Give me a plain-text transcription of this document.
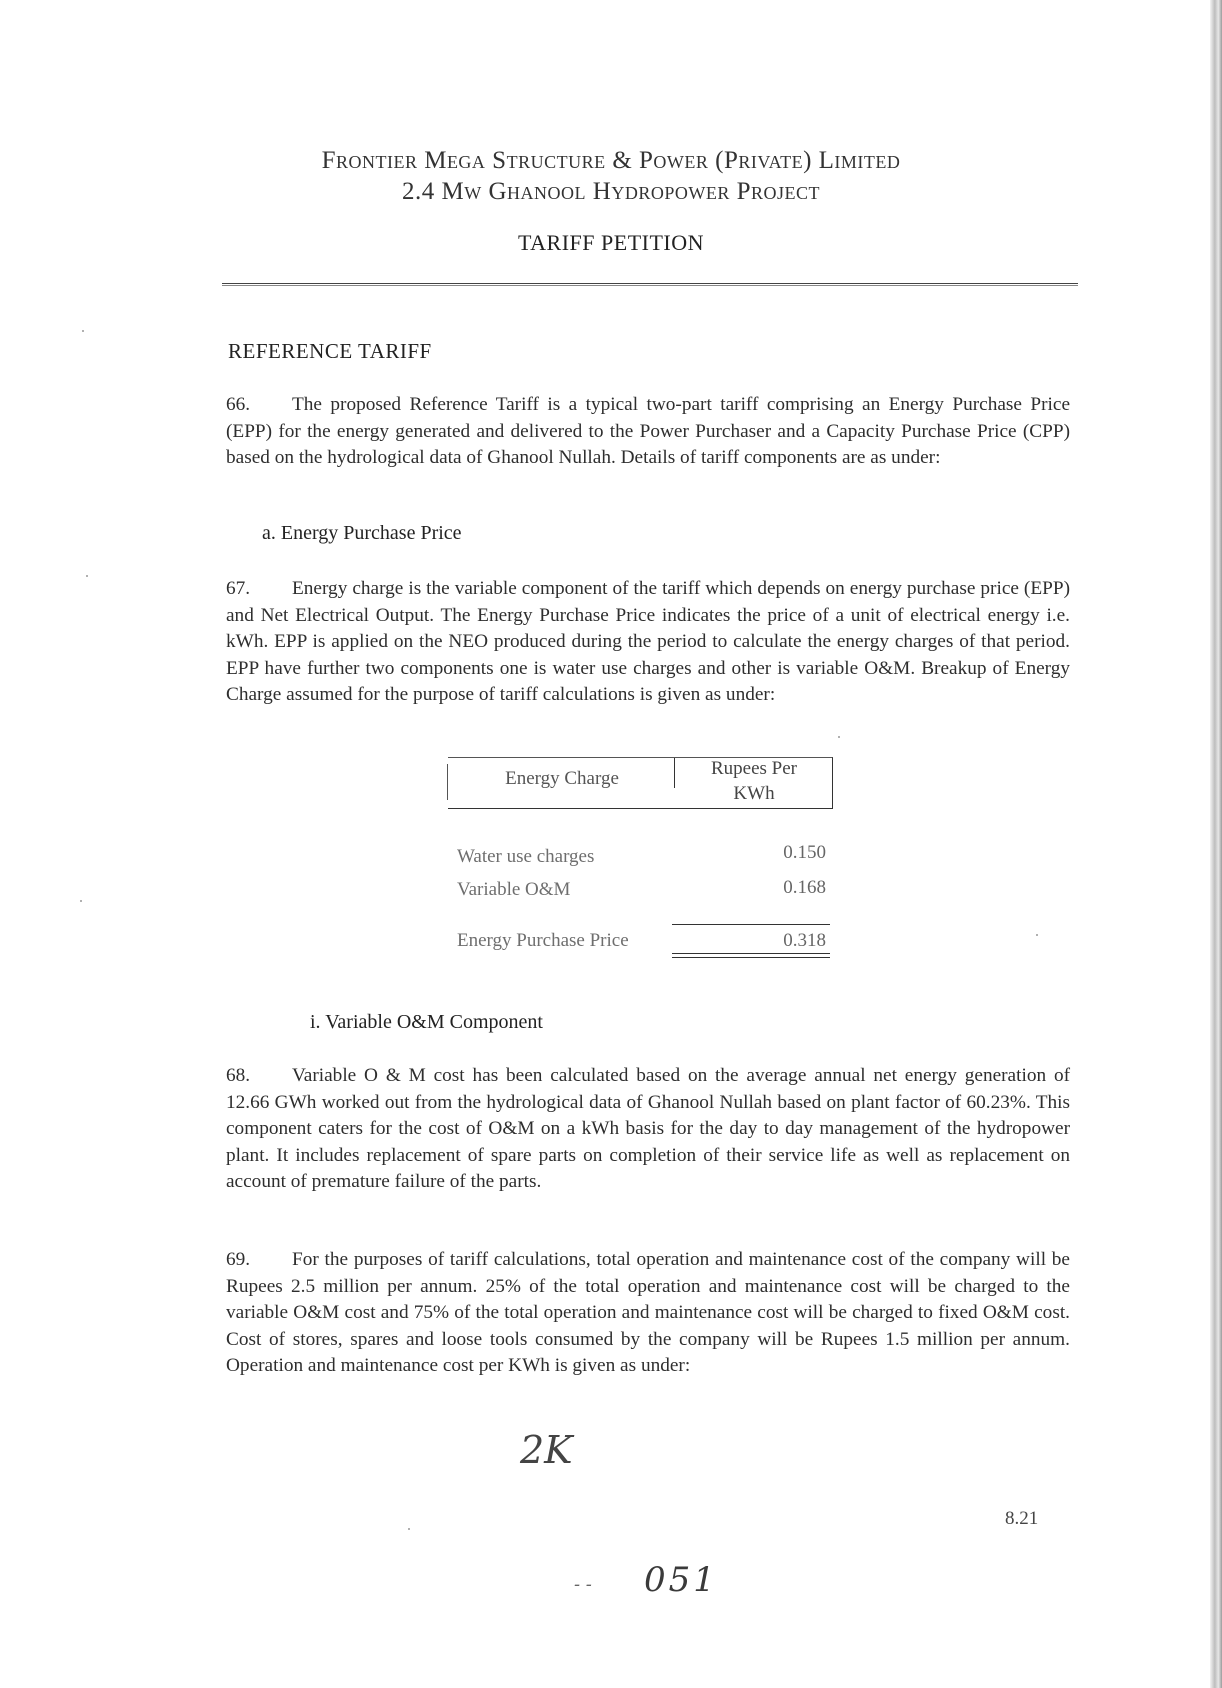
Frontier Mega Structure & Power (Private) Limited
2.4 Mw Ghanool Hydropower Project
TARIFF PETITION
REFERENCE TARIFF
66. The proposed Reference Tariff is a typical two-part tariff comprising an Energy Purchase Price (EPP) for the energy generated and delivered to the Power Purchaser and a Capacity Purchase Price (CPP) based on the hydrological data of Ghanool Nullah. Details of tariff components are as under:
a. Energy Purchase Price
67. Energy charge is the variable component of the tariff which depends on energy purchase price (EPP) and Net Electrical Output. The Energy Purchase Price indicates the price of a unit of electrical energy i.e. kWh. EPP is applied on the NEO produced during the period to calculate the energy charges of that period. EPP have further two components one is water use charges and other is variable O&M. Breakup of Energy Charge assumed for the purpose of tariff calculations is given as under:
Energy Charge	Rupees Per
KWh
Water use charges	0.150
Variable O&M	0.168
Energy Purchase Price	0.318
i. Variable O&M Component
68. Variable O & M cost has been calculated based on the average annual net energy generation of 12.66 GWh worked out from the hydrological data of Ghanool Nullah based on plant factor of 60.23%. This component caters for the cost of O&M on a kWh basis for the day to day management of the hydropower plant. It includes replacement of spare parts on completion of their service life as well as replacement on account of premature failure of the parts.
69. For the purposes of tariff calculations, total operation and maintenance cost of the company will be Rupees 2.5 million per annum. 25% of the total operation and maintenance cost will be charged to the variable O&M cost and 75% of the total operation and maintenance cost will be charged to fixed O&M cost. Cost of stores, spares and loose tools consumed by the company will be Rupees 1.5 million per annum. Operation and maintenance cost per KWh is given as under:
2K
8.21
- - 051
